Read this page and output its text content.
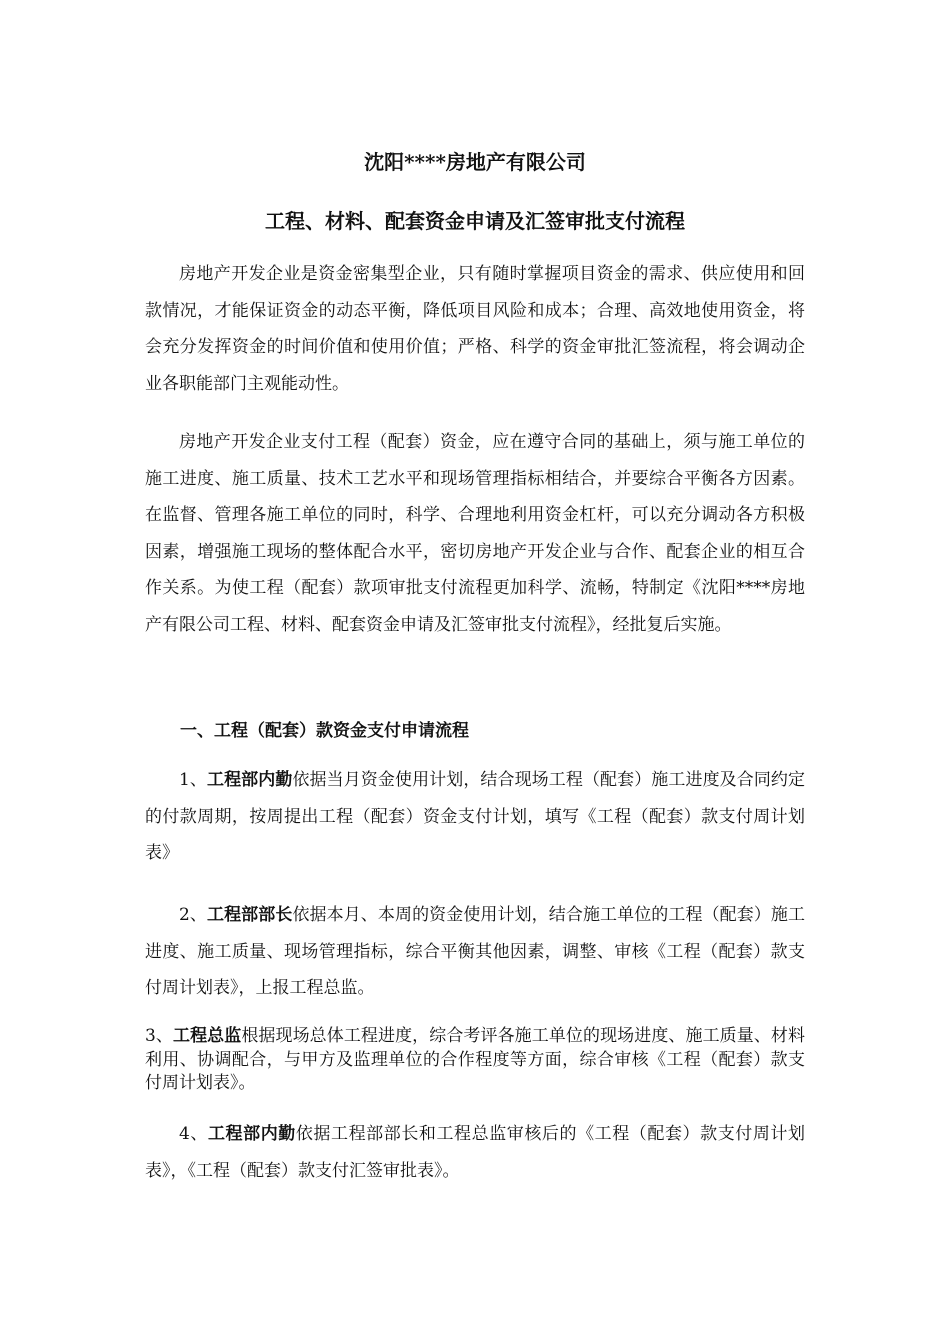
沈阳****房地产有限公司
工程、材料、配套资金申请及汇签审批支付流程

房地产开发企业是资金密集型企业，只有随时掌握项目资金的需求、供应使用和回款情况，才能保证资金的动态平衡，降低项目风险和成本；合理、高效地使用资金，将会充分发挥资金的时间价值和使用价值；严格、科学的资金审批汇签流程，将会调动企业各职能部门主观能动性。

房地产开发企业支付工程（配套）资金，应在遵守合同的基础上，须与施工单位的施工进度、施工质量、技术工艺水平和现场管理指标相结合，并要综合平衡各方因素。在监督、管理各施工单位的同时，科学、合理地利用资金杠杆，可以充分调动各方积极因素，增强施工现场的整体配合水平，密切房地产开发企业与合作、配套企业的相互合作关系。为使工程（配套）款项审批支付流程更加科学、流畅，特制定《沈阳****房地产有限公司工程、材料、配套资金申请及汇签审批支付流程》，经批复后实施。

一、工程（配套）款资金支付申请流程

1、工程部内勤依据当月资金使用计划，结合现场工程（配套）施工进度及合同约定的付款周期，按周提出工程（配套）资金支付计划，填写《工程（配套）款支付周计划表》

2、工程部部长依据本月、本周的资金使用计划，结合施工单位的工程（配套）施工进度、施工质量、现场管理指标，综合平衡其他因素，调整、审核《工程（配套）款支付周计划表》，上报工程总监。

3、工程总监根据现场总体工程进度，综合考评各施工单位的现场进度、施工质量、材料利用、协调配合，与甲方及监理单位的合作程度等方面，综合审核《工程（配套）款支付周计划表》。

4、工程部内勤依据工程部部长和工程总监审核后的《工程（配套）款支付周计划表》，《工程（配套）款支付汇签审批表》。
